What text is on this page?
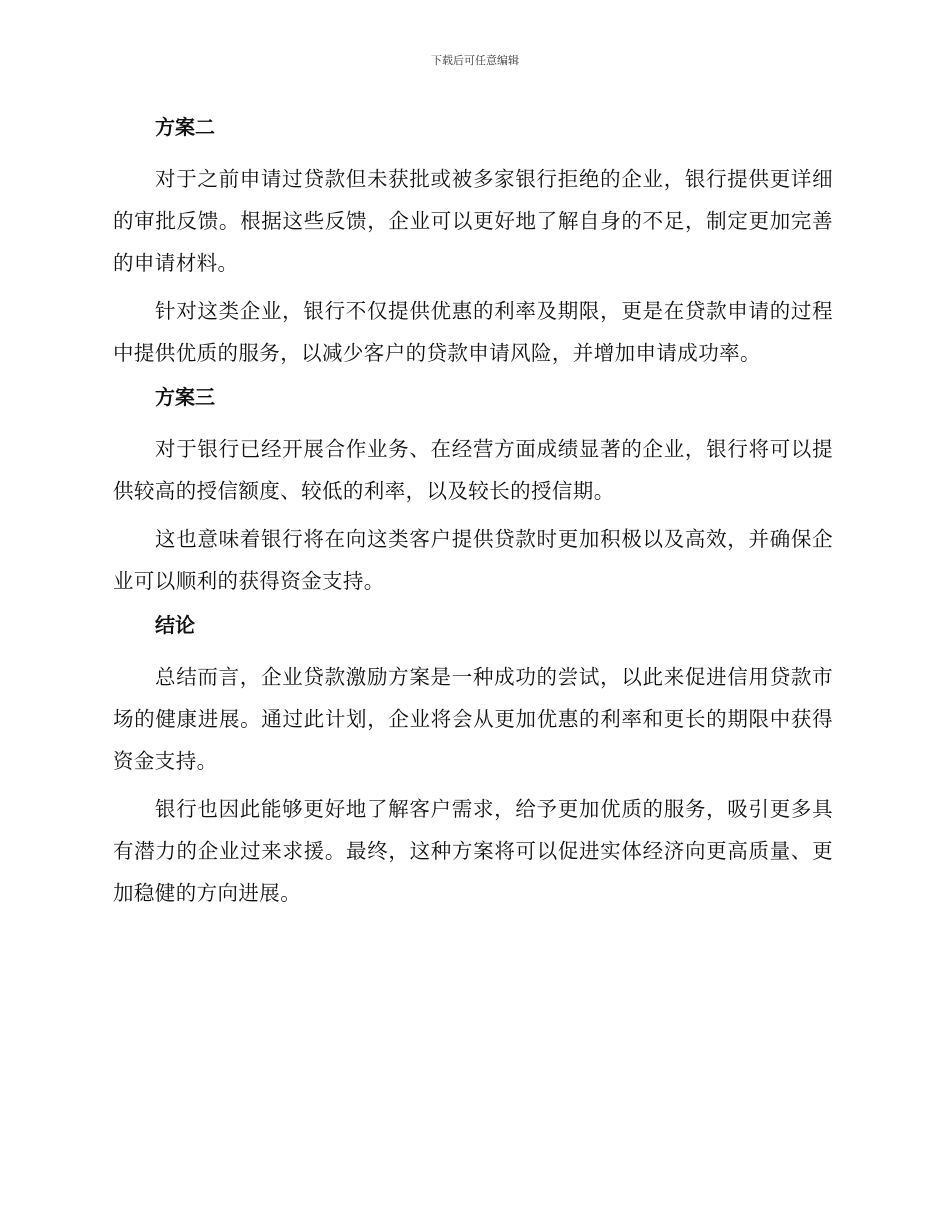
下载后可任意编辑
方案二

对于之前申请过贷款但未获批或被多家银行拒绝的企业，银行提供更详细的审批反馈。根据这些反馈，企业可以更好地了解自身的不足，制定更加完善的申请材料。

针对这类企业，银行不仅提供优惠的利率及期限，更是在贷款申请的过程中提供优质的服务，以减少客户的贷款申请风险，并增加申请成功率。

方案三

对于银行已经开展合作业务、在经营方面成绩显著的企业，银行将可以提供较高的授信额度、较低的利率，以及较长的授信期。

这也意味着银行将在向这类客户提供贷款时更加积极以及高效，并确保企业可以顺利的获得资金支持。

结论

总结而言，企业贷款激励方案是一种成功的尝试，以此来促进信用贷款市场的健康进展。通过此计划，企业将会从更加优惠的利率和更长的期限中获得资金支持。

银行也因此能够更好地了解客户需求，给予更加优质的服务，吸引更多具有潜力的企业过来求援。最终，这种方案将可以促进实体经济向更高质量、更加稳健的方向进展。
